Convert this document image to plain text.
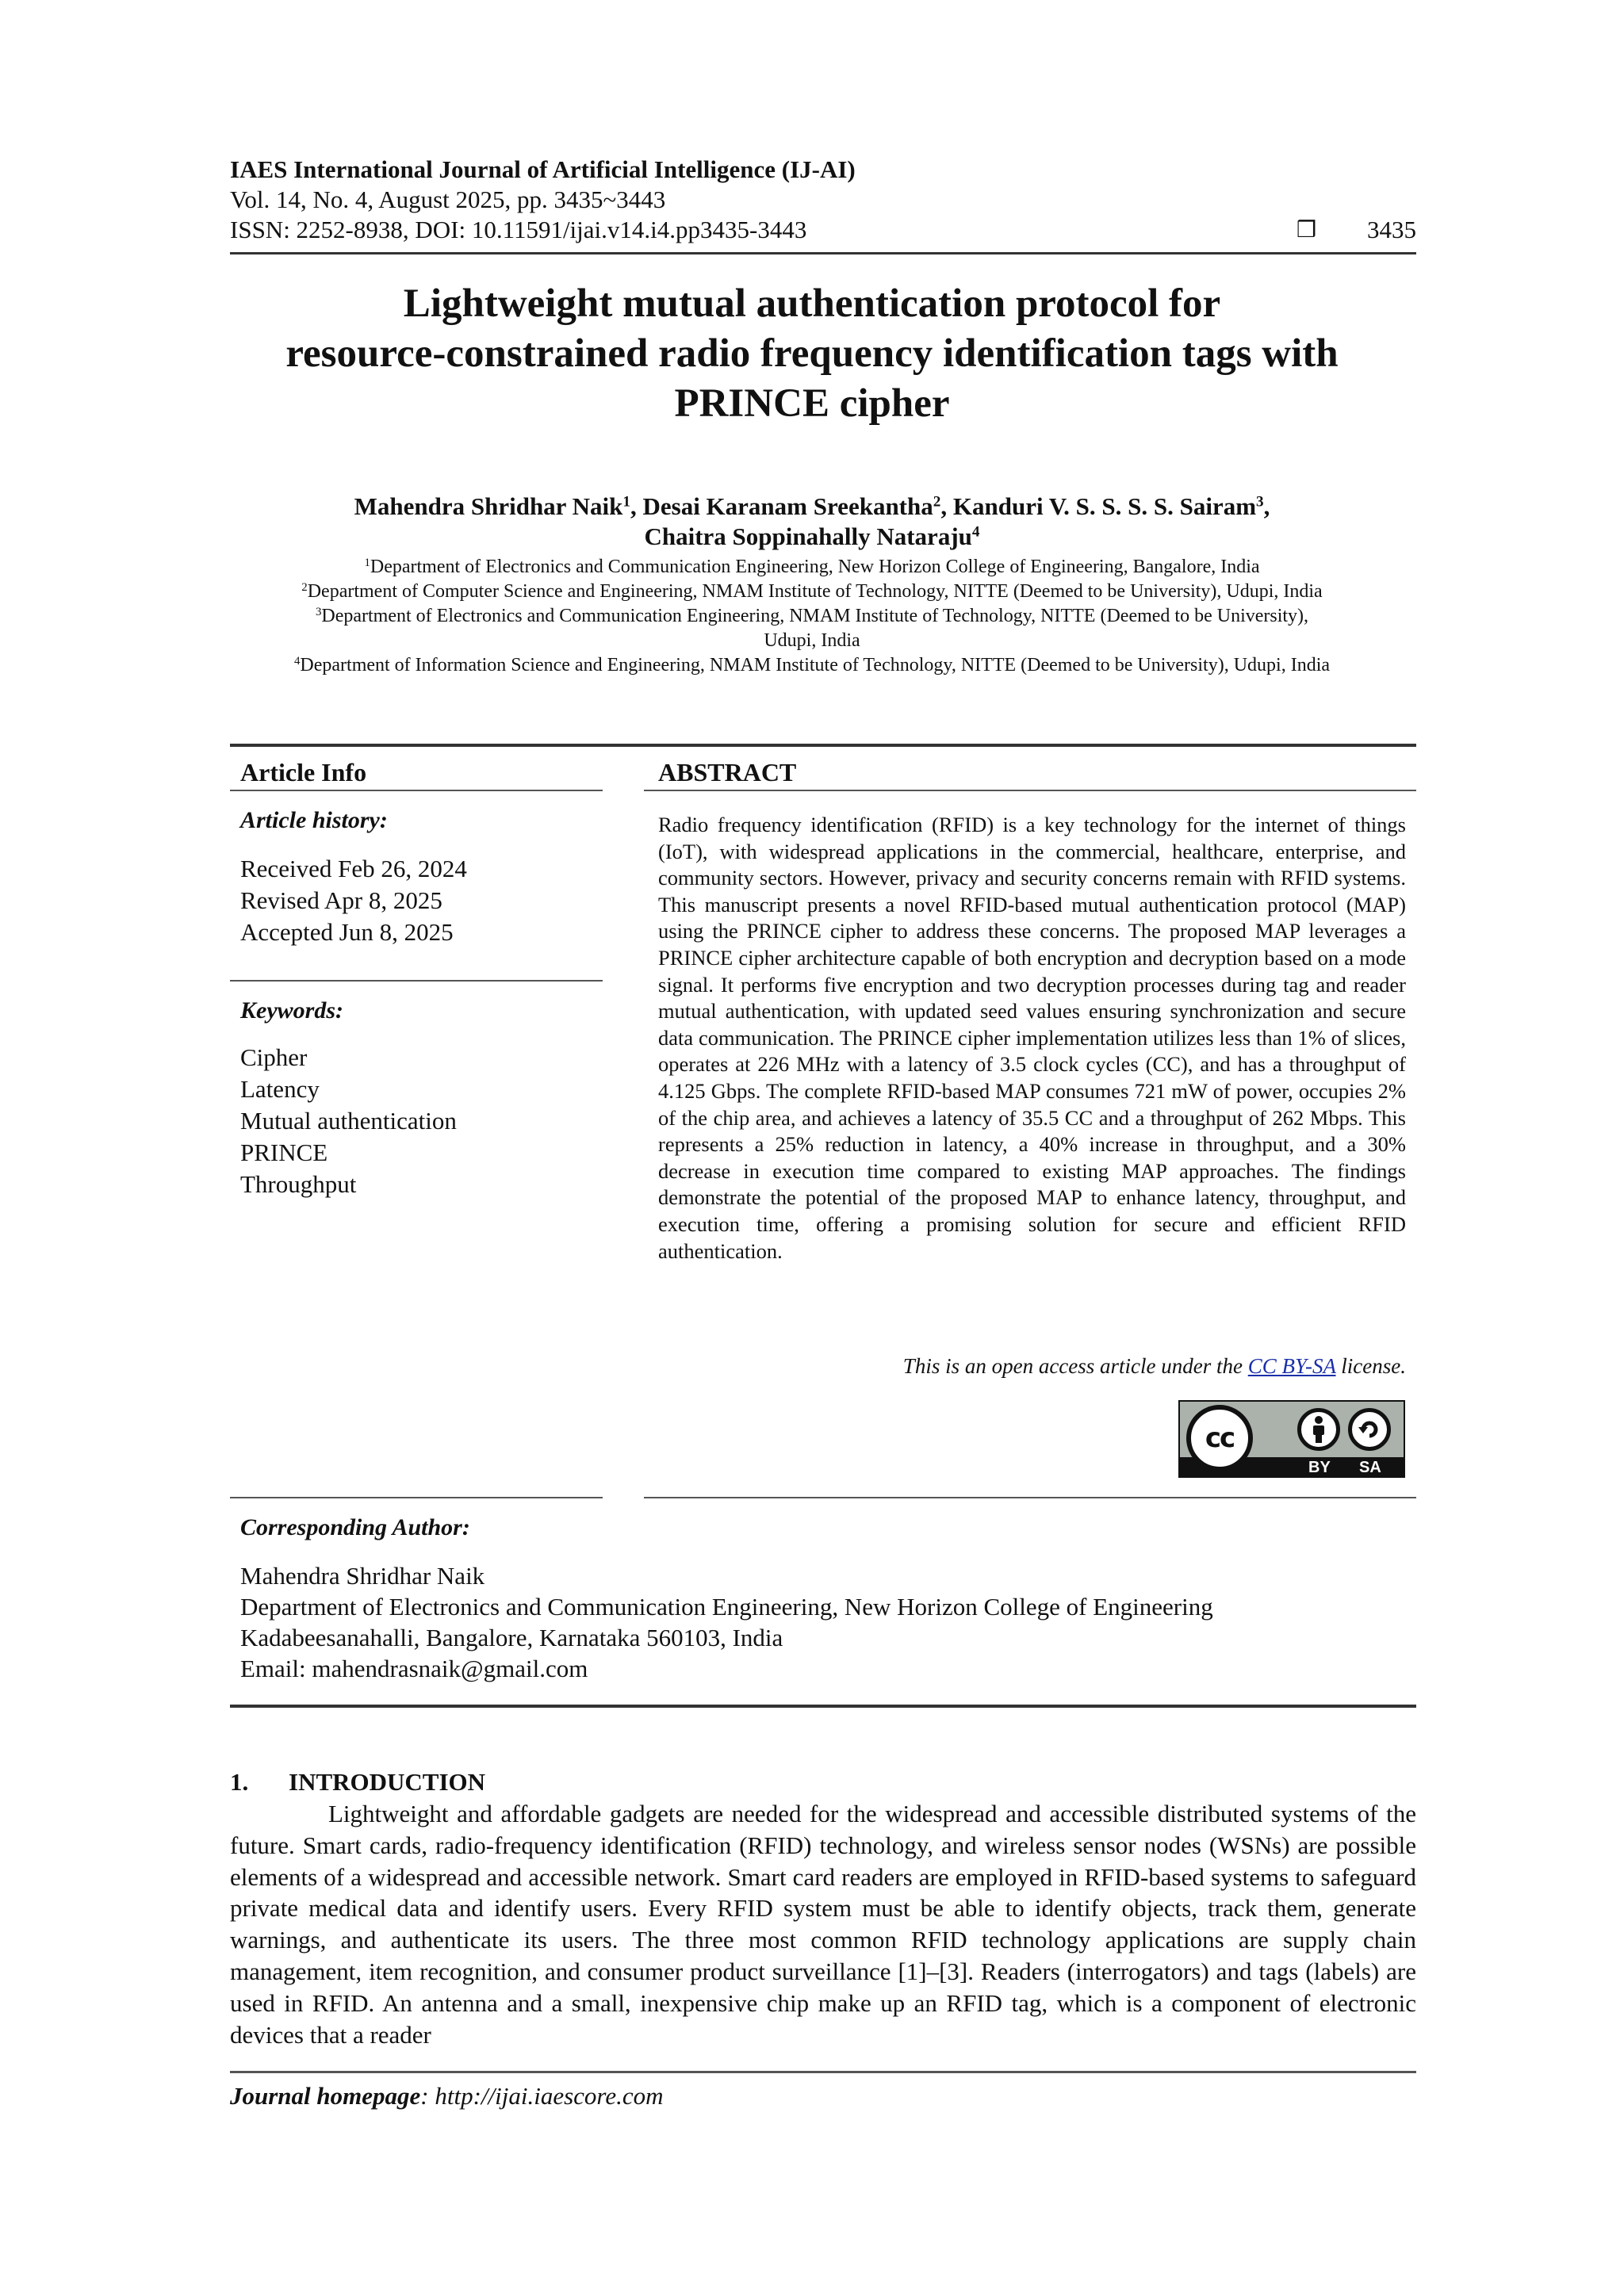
IAES International Journal of Artificial Intelligence (IJ-AI)
Vol. 14, No. 4, August 2025, pp. 3435~3443
ISSN: 2252-8938, DOI: 10.11591/ijai.v14.i4.pp3435-3443	❒	3435
Lightweight mutual authentication protocol for
resource-constrained radio frequency identification tags with
PRINCE cipher
Mahendra Shridhar Naik$^1$, Desai Karanam Sreekantha$^2$, Kanduri V. S. S. S. S. Sairam$^3$,
Chaitra Soppinahally Nataraju$^4$
$^1$Department of Electronics and Communication Engineering, New Horizon College of Engineering, Bangalore, India
$^2$Department of Computer Science and Engineering, NMAM Institute of Technology, NITTE (Deemed to be University), Udupi, India
$^3$Department of Electronics and Communication Engineering, NMAM Institute of Technology, NITTE (Deemed to be University),
Udupi, India
$^4$Department of Information Science and Engineering, NMAM Institute of Technology, NITTE (Deemed to be University), Udupi, India
Article Info
Article history:
Received Feb 26, 2024
Revised Apr 8, 2025
Accepted Jun 8, 2025
Keywords:
Cipher
Latency
Mutual authentication
PRINCE
Throughput
ABSTRACT
Radio frequency identification (RFID) is a key technology for the internet of things (IoT), with widespread applications in the commercial, healthcare, enterprise, and community sectors. However, privacy and security concerns remain with RFID systems. This manuscript presents a novel RFID-based mutual authentication protocol (MAP) using the PRINCE cipher to address these concerns. The proposed MAP leverages a PRINCE cipher architecture capable of both encryption and decryption based on a mode signal. It performs five encryption and two decryption processes during tag and reader mutual authentication, with updated seed values ensuring synchronization and secure data communication. The PRINCE cipher implementation utilizes less than 1% of slices, operates at 226 MHz with a latency of 3.5 clock cycles (CC), and has a throughput of 4.125 Gbps. The complete RFID-based MAP consumes 721 mW of power, occupies 2% of the chip area, and achieves a latency of 35.5 CC and a throughput of 262 Mbps. This represents a 25% reduction in latency, a 40% increase in throughput, and a 30% decrease in execution time compared to existing MAP approaches. The findings demonstrate the potential of the proposed MAP to enhance latency, throughput, and execution time, offering a promising solution for secure and efficient RFID authentication.
This is an open access article under the CC BY-SA license.
cc
BY SA
Corresponding Author:
Mahendra Shridhar Naik
Department of Electronics and Communication Engineering, New Horizon College of Engineering
Kadabeesanahalli, Bangalore, Karnataka 560103, India
Email: mahendrasnaik@gmail.com
1. INTRODUCTION

Lightweight and affordable gadgets are needed for the widespread and accessible distributed systems of the future. Smart cards, radio-frequency identification (RFID) technology, and wireless sensor nodes (WSNs) are possible elements of a widespread and accessible network. Smart card readers are employed in RFID-based systems to safeguard private medical data and identify users. Every RFID system must be able to identify objects, track them, generate warnings, and authenticate its users. The three most common RFID technology applications are supply chain management, item recognition, and consumer product surveillance [1]–[3]. Readers (interrogators) and tags (labels) are used in RFID. An antenna and a small, inexpensive chip make up an RFID tag, which is a component of electronic devices that a reader

Journal homepage: http://ijai.iaescore.com
